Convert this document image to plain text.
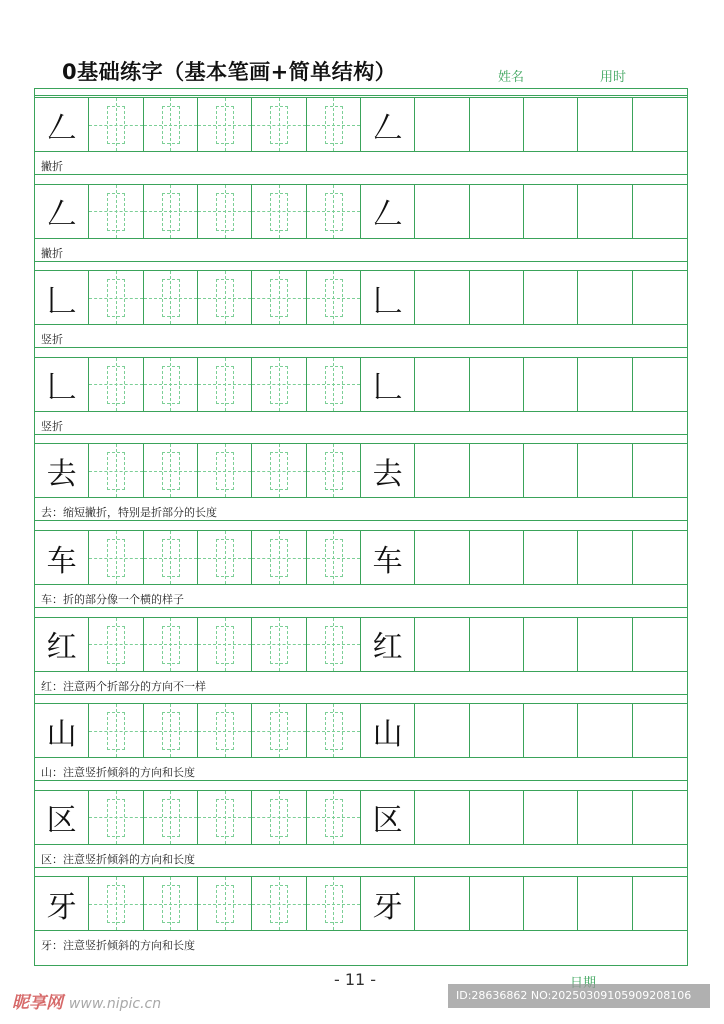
0基础练字（基本笔画+简单结构）	姓名	用时
𠃋	𠃋
撇折
𠃋	𠃋
撇折
𠃊	𠃊
竖折
𠃊	𠃊
竖折
去	去
去：缩短撇折，特别是折部分的长度
车	车
车：折的部分像一个横的样子
红	红
红：注意两个折部分的方向不一样
山	山
山：注意竖折倾斜的方向和长度
区	区
区：注意竖折倾斜的方向和长度
牙	牙
牙：注意竖折倾斜的方向和长度
- 11 -
昵享网 www.nipic.cn
ID:28636862 NO:20250309105909208106
